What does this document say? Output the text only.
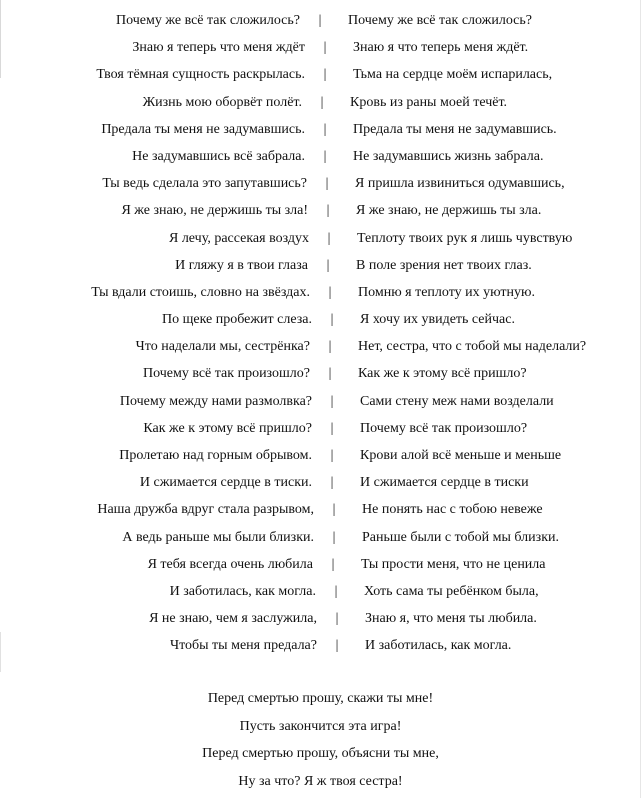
Почему же всё так сложилось? | Почему же всё так сложилось?
Знаю я теперь что меня ждёт | Знаю я что теперь меня ждёт.
Твоя тёмная сущность раскрылась. | Тьма на сердце моём испарилась,
Жизнь мою оборвёт полёт. | Кровь из раны моей течёт.
Предала ты меня не задумавшись. | Предала ты меня не задумавшись.
Не задумавшись всё забрала. | Не задумавшись жизнь забрала.
Ты ведь сделала это запутавшись? | Я пришла извиниться одумавшись,
Я же знаю, не держишь ты зла! | Я же знаю, не держишь ты зла.
Я лечу, рассекая воздух | Теплоту твоих рук я лишь чувствую
И гляжу я в твои глаза | В поле зрения нет твоих глаз.
Ты вдали стоишь, словно на звёздах. | Помню я теплоту их уютную.
По щеке пробежит слеза. | Я хочу их увидеть сейчас.
Что наделали мы, сестрёнка? | Нет, сестра, что с тобой мы наделали?
Почему всё так произошло? | Как же к этому всё пришло?
Почему между нами размолвка? | Сами стену меж нами возделали
Как же к этому всё пришло? | Почему всё так произошло?
Пролетаю над горным обрывом. | Крови алой всё меньше и меньше
И сжимается сердце в тиски. | И сжимается сердце в тиски
Наша дружба вдруг стала разрывом, | Не понять нас с тобою невеже
А ведь раньше мы были близки. | Раньше были с тобой мы близки.
Я тебя всегда очень любила | Ты прости меня, что не ценила
И заботилась, как могла. | Хоть сама ты ребёнком была,
Я не знаю, чем я заслужила, | Знаю я, что меня ты любила.
Чтобы ты меня предала? | И заботилась, как могла.
Перед смертью прошу, скажи ты мне!
Пусть закончится эта игра!
Перед смертью прошу, объясни ты мне,
Ну за что? Я ж твоя сестра!
